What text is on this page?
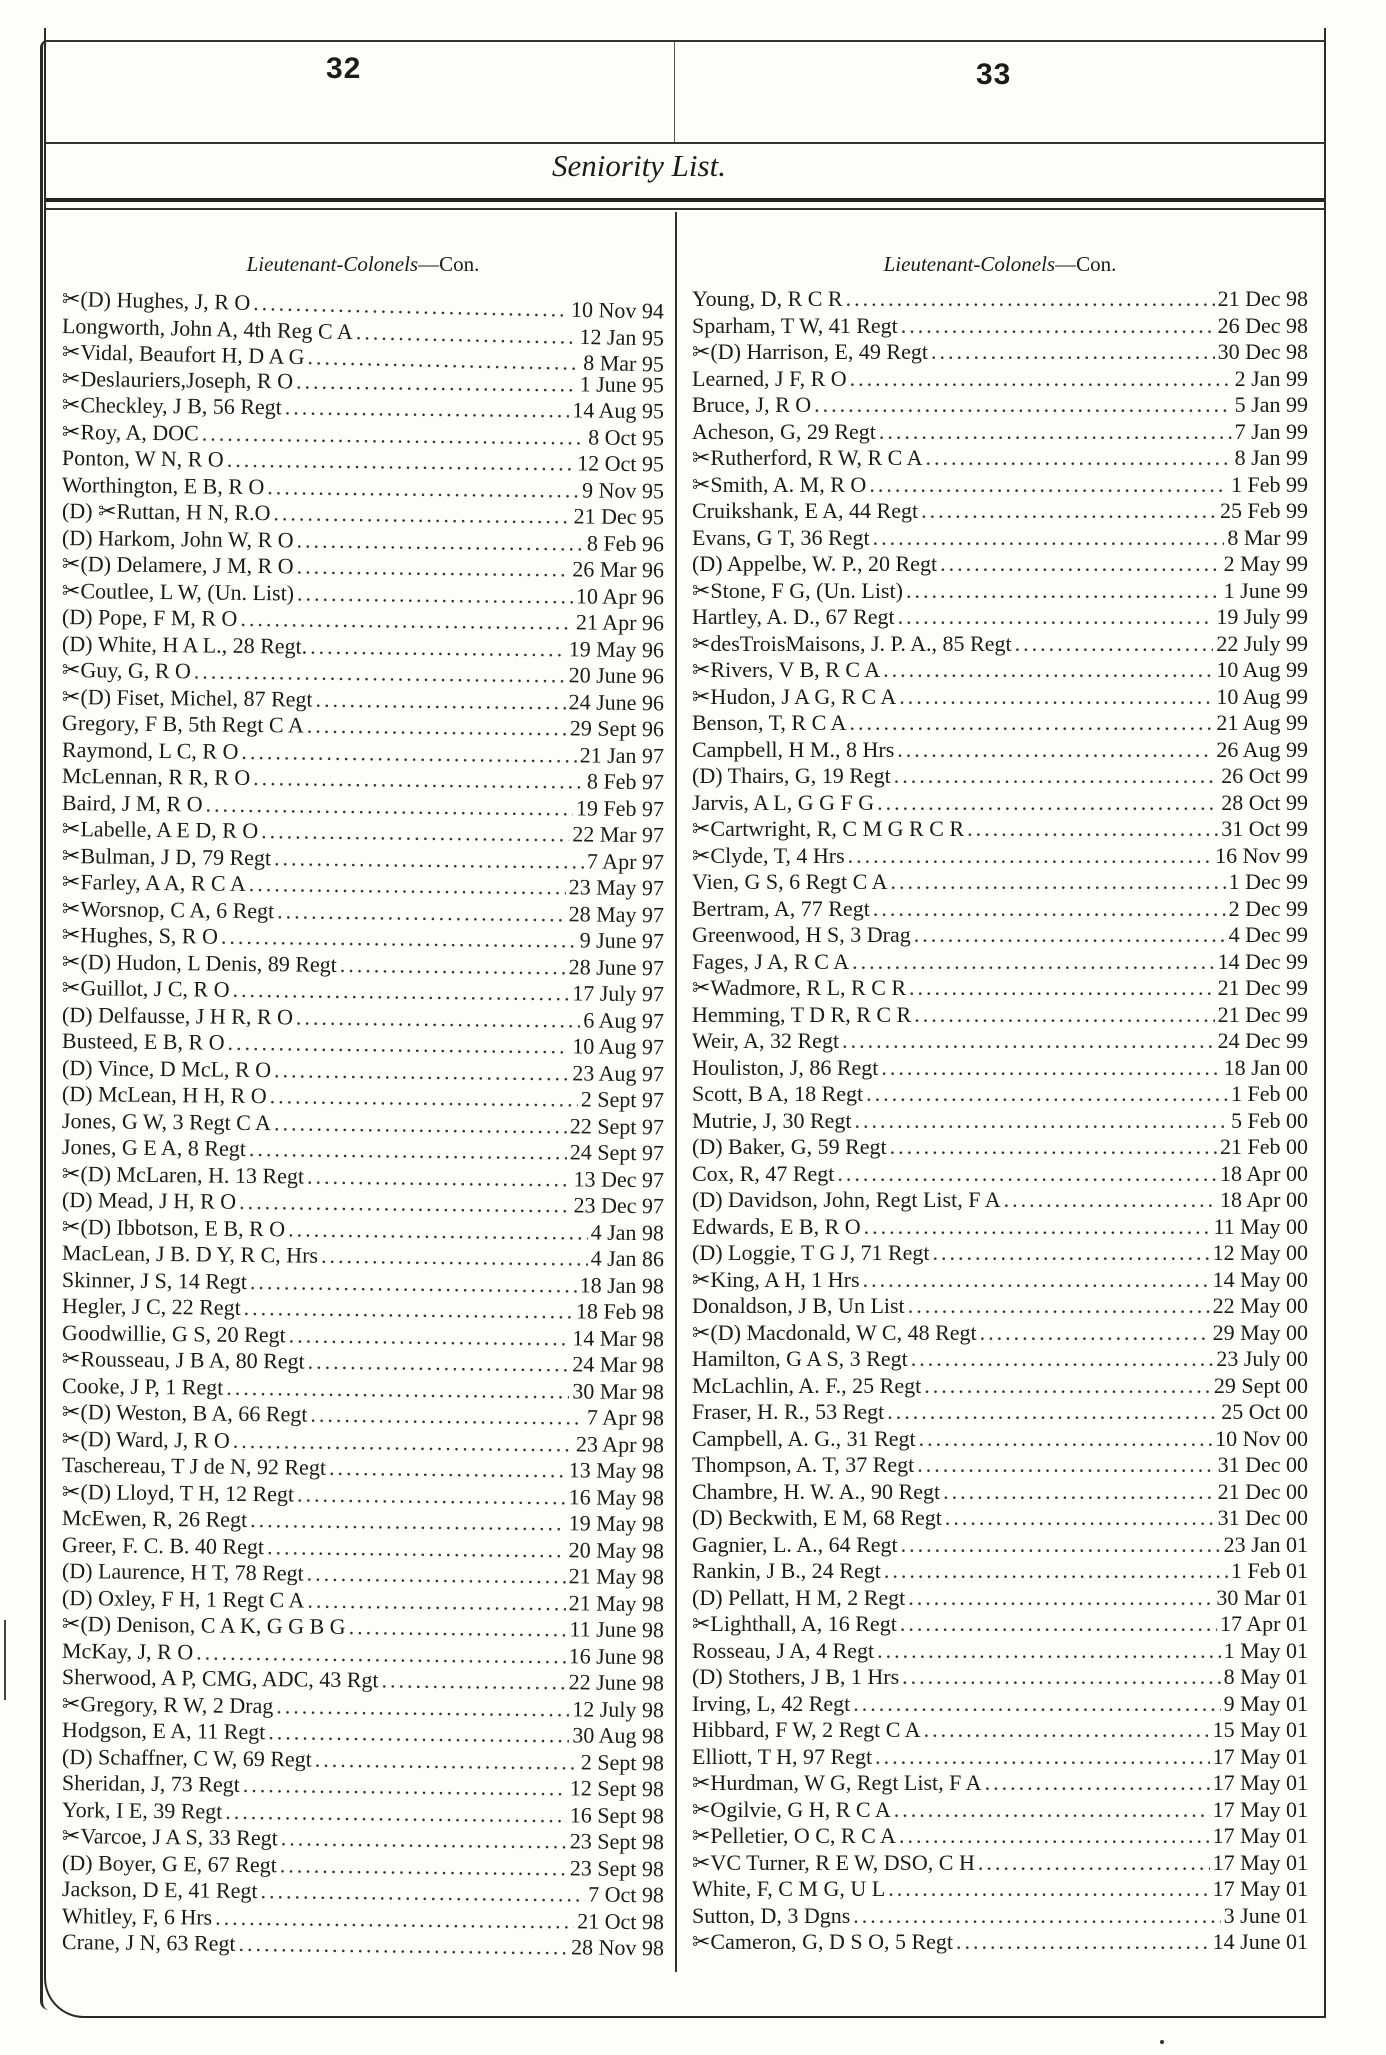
32	33
Seniority List.
Lieutenant-Colonels—Con.
✂(D) Hughes, J, R O .....	10 Nov 94
Longworth, John A, 4th Reg C A .....	12 Jan 95
✂Vidal, Beaufort H, D A G .....	8 Mar 95
✂Deslauriers,Joseph, R O .....	1 June 95
✂Checkley, J B, 56 Regt .....	14 Aug 95
✂Roy, A, DOC .....	8 Oct 95
Ponton, W N, R O .....	12 Oct 95
Worthington, E B, R O .....	9 Nov 95
(D) ✂Ruttan, H N, R.O .....	21 Dec 95
(D) Harkom, John W, R O .....	8 Feb 96
✂(D) Delamere, J M, R O .....	26 Mar 96
✂Coutlee, L W, (Un. List) .....	10 Apr 96
(D) Pope, F M, R O .....	21 Apr 96
(D) White, H A L., 28 Regt. .....	19 May 96
✂Guy, G, R O .....	20 June 96
✂(D) Fiset, Michel, 87 Regt .....	24 June 96
Gregory, F B, 5th Regt C A .....	29 Sept 96
Raymond, L C, R O .....	21 Jan 97
McLennan, R R, R O .....	8 Feb 97
Baird, J M, R O .....	19 Feb 97
✂Labelle, A E D, R O .....	22 Mar 97
✂Bulman, J D, 79 Regt .....	7 Apr 97
✂Farley, A A, R C A .....	23 May 97
✂Worsnop, C A, 6 Regt .....	28 May 97
✂Hughes, S, R O .....	9 June 97
✂(D) Hudon, L Denis, 89 Regt .....	28 June 97
✂Guillot, J C, R O .....	17 July 97
(D) Delfausse, J H R, R O .....	6 Aug 97
Busteed, E B, R O .....	10 Aug 97
(D) Vince, D McL, R O .....	23 Aug 97
(D) McLean, H H, R O .....	2 Sept 97
Jones, G W, 3 Regt C A .....	22 Sept 97
Jones, G E A, 8 Regt .....	24 Sept 97
✂(D) McLaren, H. 13 Regt .....	13 Dec 97
(D) Mead, J H, R O .....	23 Dec 97
✂(D) Ibbotson, E B, R O .....	4 Jan 98
MacLean, J B. D Y, R C, Hrs .....	4 Jan 86
Skinner, J S, 14 Regt .....	18 Jan 98
Hegler, J C, 22 Regt .....	18 Feb 98
Goodwillie, G S, 20 Regt .....	14 Mar 98
✂Rousseau, J B A, 80 Regt .....	24 Mar 98
Cooke, J P, 1 Regt .....	30 Mar 98
✂(D) Weston, B A, 66 Regt .....	7 Apr 98
✂(D) Ward, J, R O .....	23 Apr 98
Taschereau, T J de N, 92 Regt .....	13 May 98
✂(D) Lloyd, T H, 12 Regt .....	16 May 98
McEwen, R, 26 Regt .....	19 May 98
Greer, F. C. B. 40 Regt .....	20 May 98
(D) Laurence, H T, 78 Regt .....	21 May 98
(D) Oxley, F H, 1 Regt C A .....	21 May 98
✂(D) Denison, C A K, G G B G .....	11 June 98
McKay, J, R O .....	16 June 98
Sherwood, A P, CMG, ADC, 43 Rgt .....	22 June 98
✂Gregory, R W, 2 Drag .....	12 July 98
Hodgson, E A, 11 Regt .....	30 Aug 98
(D) Schaffner, C W, 69 Regt .....	2 Sept 98
Sheridan, J, 73 Regt .....	12 Sept 98
York, I E, 39 Regt .....	16 Sept 98
✂Varcoe, J A S, 33 Regt .....	23 Sept 98
(D) Boyer, G E, 67 Regt .....	23 Sept 98
Jackson, D E, 41 Regt .....	7 Oct 98
Whitley, F, 6 Hrs .....	21 Oct 98
Crane, J N, 63 Regt .....	28 Nov 98
Lieutenant-Colonels—Con.
Young, D, R C R .....	21 Dec 98
Sparham, T W, 41 Regt .....	26 Dec 98
✂(D) Harrison, E, 49 Regt .....	30 Dec 98
Learned, J F, R O .....	2 Jan 99
Bruce, J, R O .....	5 Jan 99
Acheson, G, 29 Regt .....	7 Jan 99
✂Rutherford, R W, R C A .....	8 Jan 99
✂Smith, A. M, R O .....	1 Feb 99
Cruikshank, E A, 44 Regt .....	25 Feb 99
Evans, G T, 36 Regt .....	8 Mar 99
(D) Appelbe, W. P., 20 Regt .....	2 May 99
✂Stone, F G, (Un. List) .....	1 June 99
Hartley, A. D., 67 Regt .....	19 July 99
✂desTroisMaisons, J. P. A., 85 Regt .....	22 July 99
✂Rivers, V B, R C A .....	10 Aug 99
✂Hudon, J A G, R C A .....	10 Aug 99
Benson, T, R C A .....	21 Aug 99
Campbell, H M., 8 Hrs .....	26 Aug 99
(D) Thairs, G, 19 Regt .....	26 Oct 99
Jarvis, A L, G G F G .....	28 Oct 99
✂Cartwright, R, C M G R C R .....	31 Oct 99
✂Clyde, T, 4 Hrs .....	16 Nov 99
Vien, G S, 6 Regt C A .....	1 Dec 99
Bertram, A, 77 Regt .....	2 Dec 99
Greenwood, H S, 3 Drag .....	4 Dec 99
Fages, J A, R C A .....	14 Dec 99
✂Wadmore, R L, R C R .....	21 Dec 99
Hemming, T D R, R C R .....	21 Dec 99
Weir, A, 32 Regt .....	24 Dec 99
Houliston, J, 86 Regt .....	18 Jan 00
Scott, B A, 18 Regt .....	1 Feb 00
Mutrie, J, 30 Regt .....	5 Feb 00
(D) Baker, G, 59 Regt .....	21 Feb 00
Cox, R, 47 Regt .....	18 Apr 00
(D) Davidson, John, Regt List, F A .....	18 Apr 00
Edwards, E B, R O .....	11 May 00
(D) Loggie, T G J, 71 Regt .....	12 May 00
✂King, A H, 1 Hrs .....	14 May 00
Donaldson, J B, Un List .....	22 May 00
✂(D) Macdonald, W C, 48 Regt .....	29 May 00
Hamilton, G A S, 3 Regt .....	23 July 00
McLachlin, A. F., 25 Regt .....	29 Sept 00
Fraser, H. R., 53 Regt .....	25 Oct 00
Campbell, A. G., 31 Regt .....	10 Nov 00
Thompson, A. T, 37 Regt .....	31 Dec 00
Chambre, H. W. A., 90 Regt .....	21 Dec 00
(D) Beckwith, E M, 68 Regt .....	31 Dec 00
Gagnier, L. A., 64 Regt .....	23 Jan 01
Rankin, J B., 24 Regt .....	1 Feb 01
(D) Pellatt, H M, 2 Regt .....	30 Mar 01
✂Lighthall, A, 16 Regt .....	17 Apr 01
Rosseau, J A, 4 Regt .....	1 May 01
(D) Stothers, J B, 1 Hrs .....	8 May 01
Irving, L, 42 Regt .....	9 May 01
Hibbard, F W, 2 Regt C A .....	15 May 01
Elliott, T H, 97 Regt .....	17 May 01
✂Hurdman, W G, Regt List, F A .....	17 May 01
✂Ogilvie, G H, R C A .....	17 May 01
✂Pelletier, O C, R C A .....	17 May 01
✂VC Turner, R E W, DSO, C H .....	17 May 01
White, F, C M G, U L .....	17 May 01
Sutton, D, 3 Dgns .....	3 June 01
✂Cameron, G, D S O, 5 Regt .....	14 June 01
